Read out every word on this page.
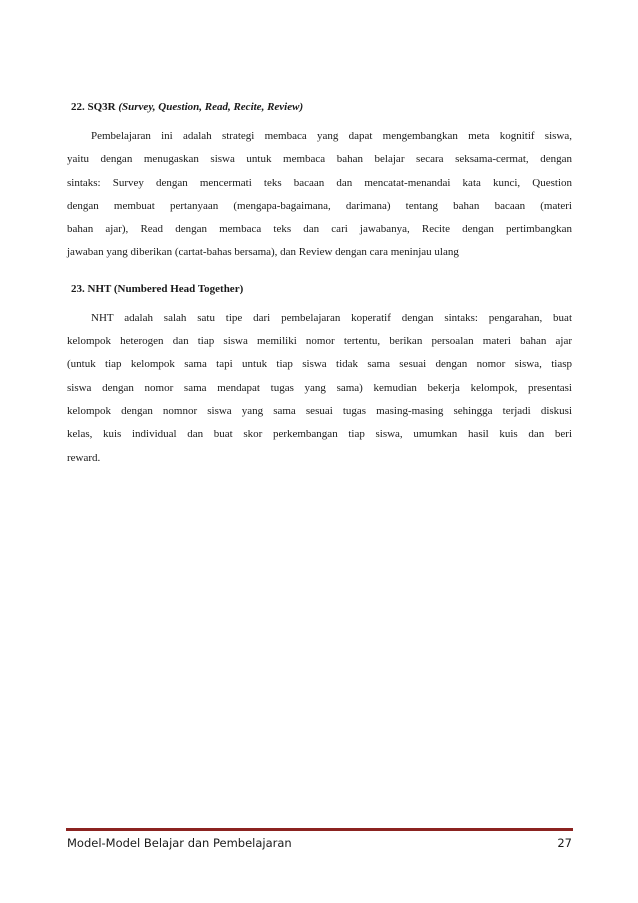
22. SQ3R (Survey, Question, Read, Recite, Review)
Pembelajaran ini adalah strategi membaca yang dapat mengembangkan meta kognitif siswa,
yaitu dengan menugaskan siswa untuk membaca bahan belajar secara seksama-cermat, dengan
sintaks: Survey dengan mencermati teks bacaan dan mencatat-menandai kata kunci, Question
dengan membuat pertanyaan (mengapa-bagaimana, darimana) tentang bahan bacaan (materi
bahan ajar), Read dengan membaca teks dan cari jawabanya, Recite dengan pertimbangkan
jawaban yang diberikan (cartat-bahas bersama), dan Review dengan cara meninjau ulang
23. NHT (Numbered Head Together)
NHT adalah salah satu tipe dari pembelajaran koperatif dengan sintaks: pengarahan, buat
kelompok heterogen dan tiap siswa memiliki nomor tertentu, berikan persoalan materi bahan ajar
(untuk tiap kelompok sama tapi untuk tiap siswa tidak sama sesuai dengan nomor siswa, tiasp
siswa dengan nomor sama mendapat tugas yang sama) kemudian bekerja kelompok, presentasi
kelompok dengan nomnor siswa yang sama sesuai tugas masing-masing sehingga terjadi diskusi
kelas, kuis individual dan buat skor perkembangan tiap siswa, umumkan hasil kuis dan beri
reward.
Model-Model Belajar dan Pembelajaran	27
